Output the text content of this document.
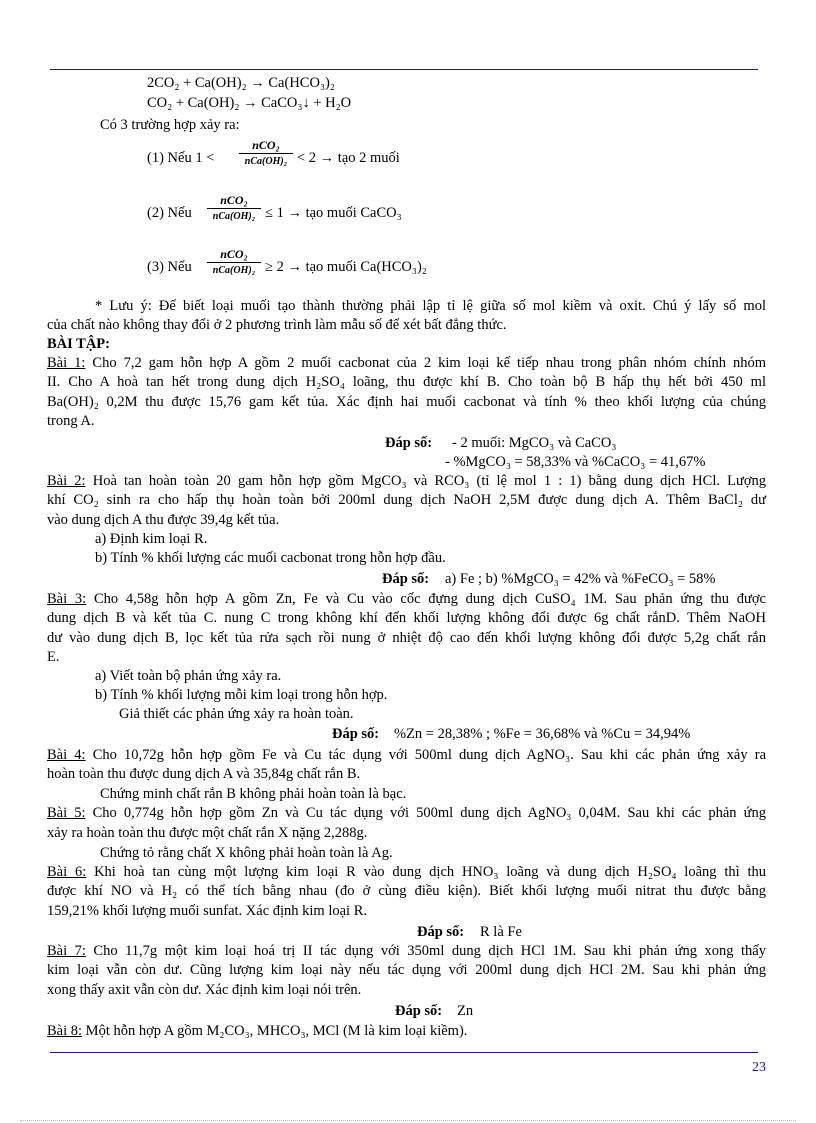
2CO₂ + Ca(OH)₂ → Ca(HCO₃)₂
CO₂ + Ca(OH)₂ → CaCO₃↓ + H₂O
Có 3 trường hợp xảy ra:
(1) Nếu 1 <
nCO₂
nCa(OH)₂ < 2 → tạo 2 muối
(2) Nếu
nCO₂
nCa(OH)₂ ≤ 1 → tạo muối CaCO₃
(3) Nếu
nCO₂
nCa(OH)₂ ≥ 2 → tạo muối Ca(HCO₃)₂
* Lưu ý: Để biết loại muối tạo thành thường phải lập tỉ lệ giữa số mol kiềm và oxit. Chú ý lấy số mol
của chất nào không thay đổi ở 2 phương trình làm mẫu số để xét bất đẳng thức.
BÀI TẬP:
Bài 1: Cho 7,2 gam hỗn hợp A gồm 2 muối cacbonat của 2 kim loại kế tiếp nhau trong phân nhóm chính nhóm
II. Cho A hoà tan hết trong dung dịch H₂SO₄ loãng, thu được khí B. Cho toàn bộ B hấp thụ hết bởi 450 ml
Ba(OH)₂ 0,2M thu được 15,76 gam kết tủa. Xác định hai muối cacbonat và tính % theo khối lượng của chúng
trong A.
Đáp số: - 2 muối: MgCO₃ và CaCO₃
- %MgCO₃ = 58,33% và %CaCO₃ = 41,67%
Bài 2: Hoà tan hoàn toàn 20 gam hỗn hợp gồm MgCO₃ và RCO₃ (tỉ lệ mol 1 : 1) bằng dung dịch HCl. Lượng
khí CO₂ sinh ra cho hấp thụ hoàn toàn bởi 200ml dung dịch NaOH 2,5M được dung dịch A. Thêm BaCl₂ dư
vào dung dịch A thu được 39,4g kết tủa.
a) Định kim loại R.
b) Tính % khối lượng các muối cacbonat trong hỗn hợp đầu.
Đáp số: a) Fe ; b) %MgCO₃ = 42% và %FeCO₃ = 58%
Bài 3: Cho 4,58g hỗn hợp A gồm Zn, Fe và Cu vào cốc đựng dung dịch CuSO₄ 1M. Sau phản ứng thu được
dung dịch B và kết tủa C. nung C trong không khí đến khối lượng không đổi được 6g chất rắnD. Thêm NaOH
dư vào dung dịch B, lọc kết tủa rửa sạch rồi nung ở nhiệt độ cao đến khối lượng không đổi được 5,2g chất rắn
E.
a) Viết toàn bộ phản ứng xảy ra.
b) Tính % khối lượng mỗi kim loại trong hỗn hợp.
Giả thiết các phản ứng xảy ra hoàn toàn.
Đáp số: %Zn = 28,38% ; %Fe = 36,68% và %Cu = 34,94%
Bài 4: Cho 10,72g hỗn hợp gồm Fe và Cu tác dụng với 500ml dung dịch AgNO₃. Sau khi các phản ứng xảy ra
hoàn toàn thu được dung dịch A và 35,84g chất rắn B.
Chứng minh chất rắn B không phải hoàn toàn là bạc.
Bài 5: Cho 0,774g hỗn hợp gồm Zn và Cu tác dụng với 500ml dung dịch AgNO₃ 0,04M. Sau khi các phản ứng
xảy ra hoàn toàn thu được một chất rắn X nặng 2,288g.
Chứng tỏ rằng chất X không phải hoàn toàn là Ag.
Bài 6: Khi hoà tan cùng một lượng kim loại R vào dung dịch HNO₃ loãng và dung dịch H₂SO₄ loãng thì thu
được khí NO và H₂ có thể tích bằng nhau (đo ở cùng điều kiện). Biết khối lượng muối nitrat thu được bằng
159,21% khối lượng muối sunfat. Xác định kim loại R.
Đáp số: R là Fe
Bài 7: Cho 11,7g một kim loại hoá trị II tác dụng với 350ml dung dịch HCl 1M. Sau khi phản ứng xong thấy
kim loại vẫn còn dư. Cũng lượng kim loại này nếu tác dụng với 200ml dung dịch HCl 2M. Sau khi phản ứng
xong thấy axit vẫn còn dư. Xác định kim loại nói trên.
Đáp số: Zn
Bài 8: Một hỗn hợp A gồm M₂CO₃, MHCO₃, MCl (M là kim loại kiềm).
23
